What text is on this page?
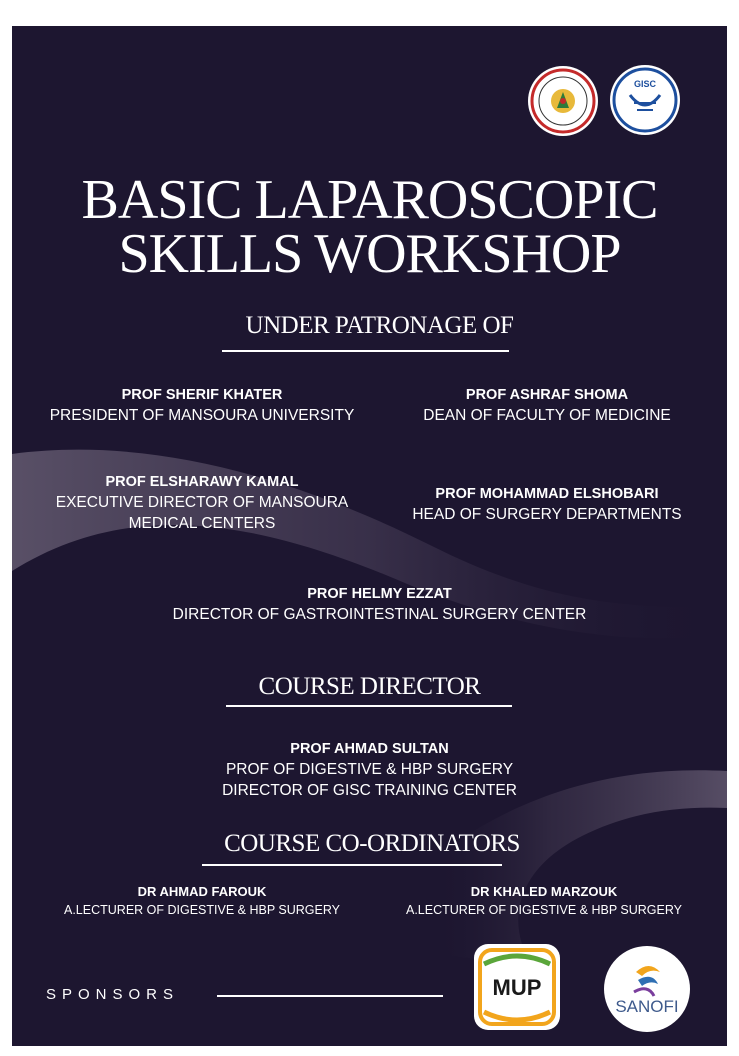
GISC
BASIC LAPAROSCOPIC
SKILLS WORKSHOP
UNDER PATRONAGE OF
PROF SHERIF KHATER
PRESIDENT OF MANSOURA UNIVERSITY
PROF ASHRAF SHOMA
DEAN OF FACULTY OF MEDICINE
PROF ELSHARAWY KAMAL
EXECUTIVE DIRECTOR OF MANSOURA
MEDICAL CENTERS
PROF MOHAMMAD ELSHOBARI
HEAD OF SURGERY DEPARTMENTS
PROF HELMY EZZAT
DIRECTOR OF GASTROINTESTINAL SURGERY CENTER
COURSE DIRECTOR
PROF AHMAD SULTAN
PROF OF DIGESTIVE & HBP SURGERY
DIRECTOR OF GISC TRAINING CENTER
COURSE CO-ORDINATORS
DR AHMAD FAROUK
A.LECTURER OF DIGESTIVE & HBP SURGERY
DR KHALED MARZOUK
A.LECTURER OF DIGESTIVE & HBP SURGERY
SPONSORS	MUP
SANOFI
